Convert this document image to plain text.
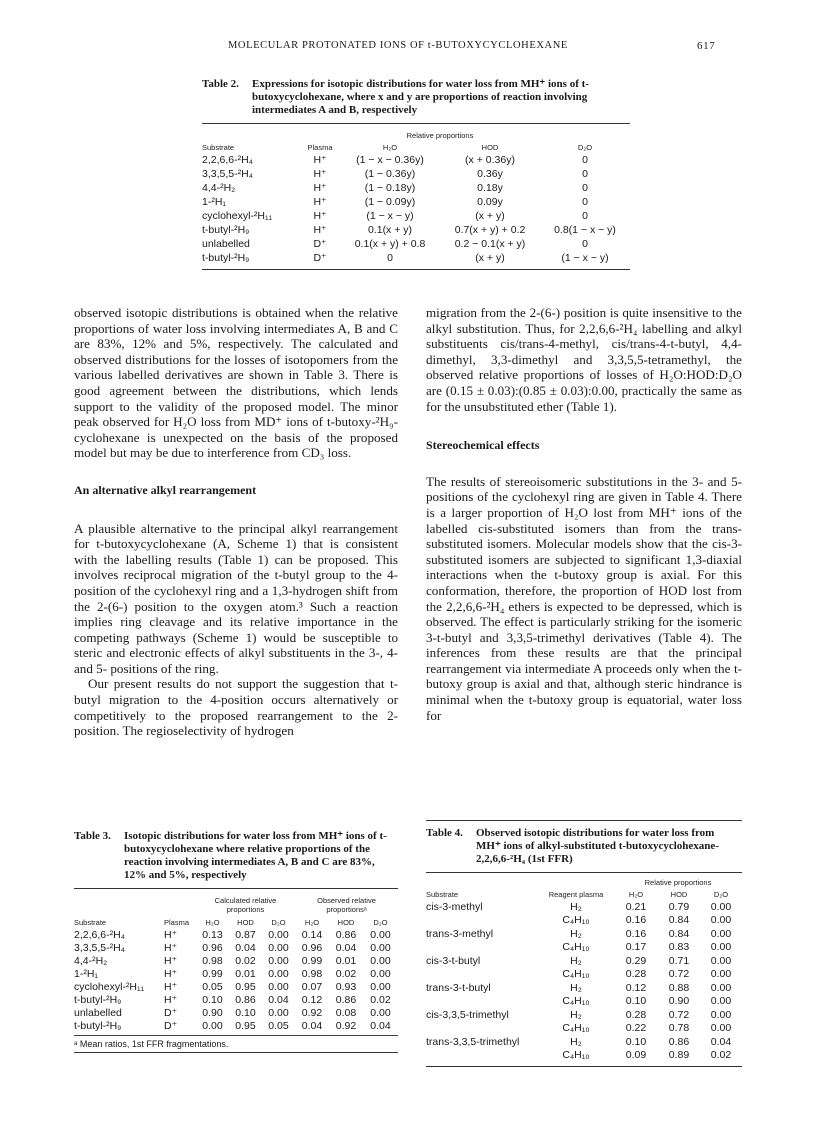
MOLECULAR PROTONATED IONS OF t-BUTOXYCYCLOHEXANE	617
Table 2.	Expressions for isotopic distributions for water loss from MH⁺ ions of t-butoxycyclohexane, where x and y are proportions of reaction involving intermediates A and B, respectively
		Relative proportions		
Substrate	Plasma	H₂O	HOD	D₂O
2,2,6,6-²H₄	H⁺	(1 − x − 0.36y)	(x + 0.36y)	0
3,3,5,5-²H₄	H⁺	(1 − 0.36y)	0.36y	0
4,4-²H₂	H⁺	(1 − 0.18y)	0.18y	0
1-²H₁	H⁺	(1 − 0.09y)	0.09y	0
cyclohexyl-²H₁₁	H⁺	(1 − x − y)	(x + y)	0
t-butyl-²H₉	H⁺	0.1(x + y)	0.7(x + y) + 0.2	0.8(1 − x − y)
unlabelled	D⁺	0.1(x + y) + 0.8	0.2 − 0.1(x + y)	0
t-butyl-²H₉	D⁺	0	(x + y)	(1 − x − y)

observed isotopic distributions is obtained when the relative proportions of water loss involving intermediates A, B and C are 83%, 12% and 5%, respectively. The calculated and observed distributions for the losses of isotopomers from the various labelled derivatives are shown in Table 3. There is good agreement between the distributions, which lends support to the validity of the proposed model. The minor peak observed for H₂O loss from MD⁺ ions of t-butoxy-²H₉-cyclohexane is unexpected on the basis of the proposed model but may be due to interference from CD₃ loss.

An alternative alkyl rearrangement

A plausible alternative to the principal alkyl rearrangement for t-butoxycyclohexane (A, Scheme 1) that is consistent with the labelling results (Table 1) can be proposed. This involves reciprocal migration of the t-butyl group to the 4-position of the cyclohexyl ring and a 1,3-hydrogen shift from the 2-(6-) position to the oxygen atom.³ Such a reaction implies ring cleavage and its relative importance in the competing pathways (Scheme 1) would be susceptible to steric and electronic effects of alkyl substituents in the 3-, 4- and 5- positions of the ring.

Our present results do not support the suggestion that t-butyl migration to the 4-position occurs alternatively or competitively to the proposed rearrangement to the 2-position. The regioselectivity of hydrogen

migration from the 2-(6-) position is quite insensitive to the alkyl substitution. Thus, for 2,2,6,6-²H₄ labelling and alkyl substituents cis/trans-4-methyl, cis/trans-4-t-butyl, 4,4-dimethyl, 3,3-dimethyl and 3,3,5,5-tetramethyl, the observed relative proportions of losses of H₂O:HOD:D₂O are (0.15 ± 0.03):(0.85 ± 0.03):0.00, practically the same as for the unsubstituted ether (Table 1).

Stereochemical effects

The results of stereoisomeric substitutions in the 3- and 5- positions of the cyclohexyl ring are given in Table 4. There is a larger proportion of H₂O lost from MH⁺ ions of the labelled cis-substituted isomers than from the trans-substituted isomers. Molecular models show that the cis-3-substituted isomers are subjected to significant 1,3-diaxial interactions when the t-butoxy group is axial. For this conformation, therefore, the proportion of HOD lost from the 2,2,6,6-²H₄ ethers is expected to be depressed, which is observed. The effect is particularly striking for the isomeric 3-t-butyl and 3,3,5-trimethyl derivatives (Table 4). The inferences from these results are that the principal rearrangement via intermediate A proceeds only when the t-butoxy group is axial and that, although steric hindrance is minimal when the t-butoxy group is equatorial, water loss for

Table 3.	Isotopic distributions for water loss from MH⁺ ions of t-butoxycyclohexane where relative proportions of the reaction involving intermediates A, B and C are 83%, 12% and 5%, respectively
		Calculated relative proportions			Observed relative proportionsᵃ		
Substrate	Plasma	H₂O	HOD	D₂O	H₂O	HOD	D₂O
2,2,6,6-²H₄	H⁺	0.13	0.87	0.00	0.14	0.86	0.00
3,3,5,5-²H₄	H⁺	0.96	0.04	0.00	0.96	0.04	0.00
4,4-²H₂	H⁺	0.98	0.02	0.00	0.99	0.01	0.00
1-²H₁	H⁺	0.99	0.01	0.00	0.98	0.02	0.00
cyclohexyl-²H₁₁	H⁺	0.05	0.95	0.00	0.07	0.93	0.00
t-butyl-²H₉	H⁺	0.10	0.86	0.04	0.12	0.86	0.02
unlabelled	D⁺	0.90	0.10	0.00	0.92	0.08	0.00
t-butyl-²H₉	D⁺	0.00	0.95	0.05	0.04	0.92	0.04
ᵃ Mean ratios, 1st FFR fragmentations.
Table 4.	Observed isotopic distributions for water loss from MH⁺ ions of alkyl-substituted t-butoxycyclohexane-2,2,6,6-²H₄ (1st FFR)
		Relative proportions		
Substrate	Reagent plasma	H₂O	HOD	D₂O
cis-3-methyl	H₂	0.21	0.79	0.00
	C₄H₁₀	0.16	0.84	0.00
trans-3-methyl	H₂	0.16	0.84	0.00
	C₄H₁₀	0.17	0.83	0.00
cis-3-t-butyl	H₂	0.29	0.71	0.00
	C₄H₁₀	0.28	0.72	0.00
trans-3-t-butyl	H₂	0.12	0.88	0.00
	C₄H₁₀	0.10	0.90	0.00
cis-3,3,5-trimethyl	H₂	0.28	0.72	0.00
	C₄H₁₀	0.22	0.78	0.00
trans-3,3,5-trimethyl	H₂	0.10	0.86	0.04
	C₄H₁₀	0.09	0.89	0.02
